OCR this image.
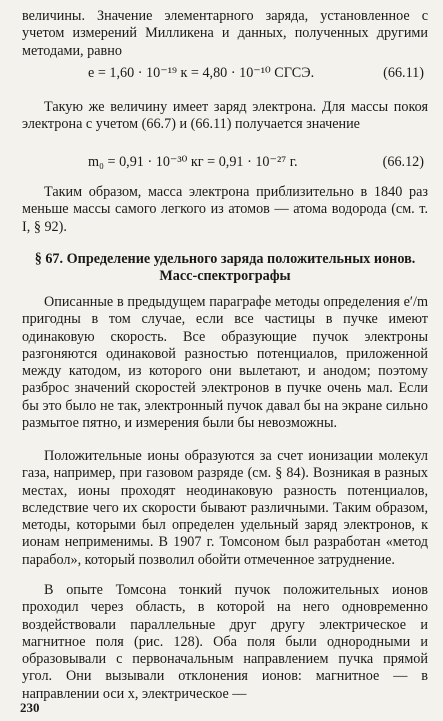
величины. Значение элементарного заряда, установленное с учетом измерений Милликена и данных, полученных другими методами, равно

e = 1,60 · 10⁻¹⁹ к = 4,80 · 10⁻¹⁰ СГСЭ.	(66.11)

Такую же величину имеет заряд электрона. Для массы покоя электрона с учетом (66.7) и (66.11) получается значение

m₀ = 0,91 · 10⁻³⁰ кг = 0,91 · 10⁻²⁷ г.	(66.12)

Таким образом, масса электрона приблизительно в 1840 раз меньше массы самого легкого из атомов — атома водорода (см. т. I, § 92).

§ 67. Определение удельного заряда положительных ионов. Масс-спектрографы

Описанные в предыдущем параграфе методы определения e′/m пригодны в том случае, если все частицы в пучке имеют одинаковую скорость. Все образующие пучок электроны разгоняются одинаковой разностью потенциалов, приложенной между катодом, из которого они вылетают, и анодом; поэтому разброс значений скоростей электронов в пучке очень мал. Если бы это было не так, электронный пучок давал бы на экране сильно размытое пятно, и измерения были бы невозможны.

Положительные ионы образуются за счет ионизации молекул газа, например, при газовом разряде (см. § 84). Возникая в разных местах, ионы проходят неодинаковую разность потенциалов, вследствие чего их скорости бывают различными. Таким образом, методы, которыми был определен удельный заряд электронов, к ионам неприменимы. В 1907 г. Томсоном был разработан «метод парабол», который позволил обойти отмеченное затруднение.

В опыте Томсона тонкий пучок положительных ионов проходил через область, в которой на него одновременно воздействовали параллельные друг другу электрическое и магнитное поля (рис. 128). Оба поля были однородными и образовывали с первоначальным направлением пучка прямой угол. Они вызывали отклонения ионов: магнитное — в направлении оси x, электрическое —

230
